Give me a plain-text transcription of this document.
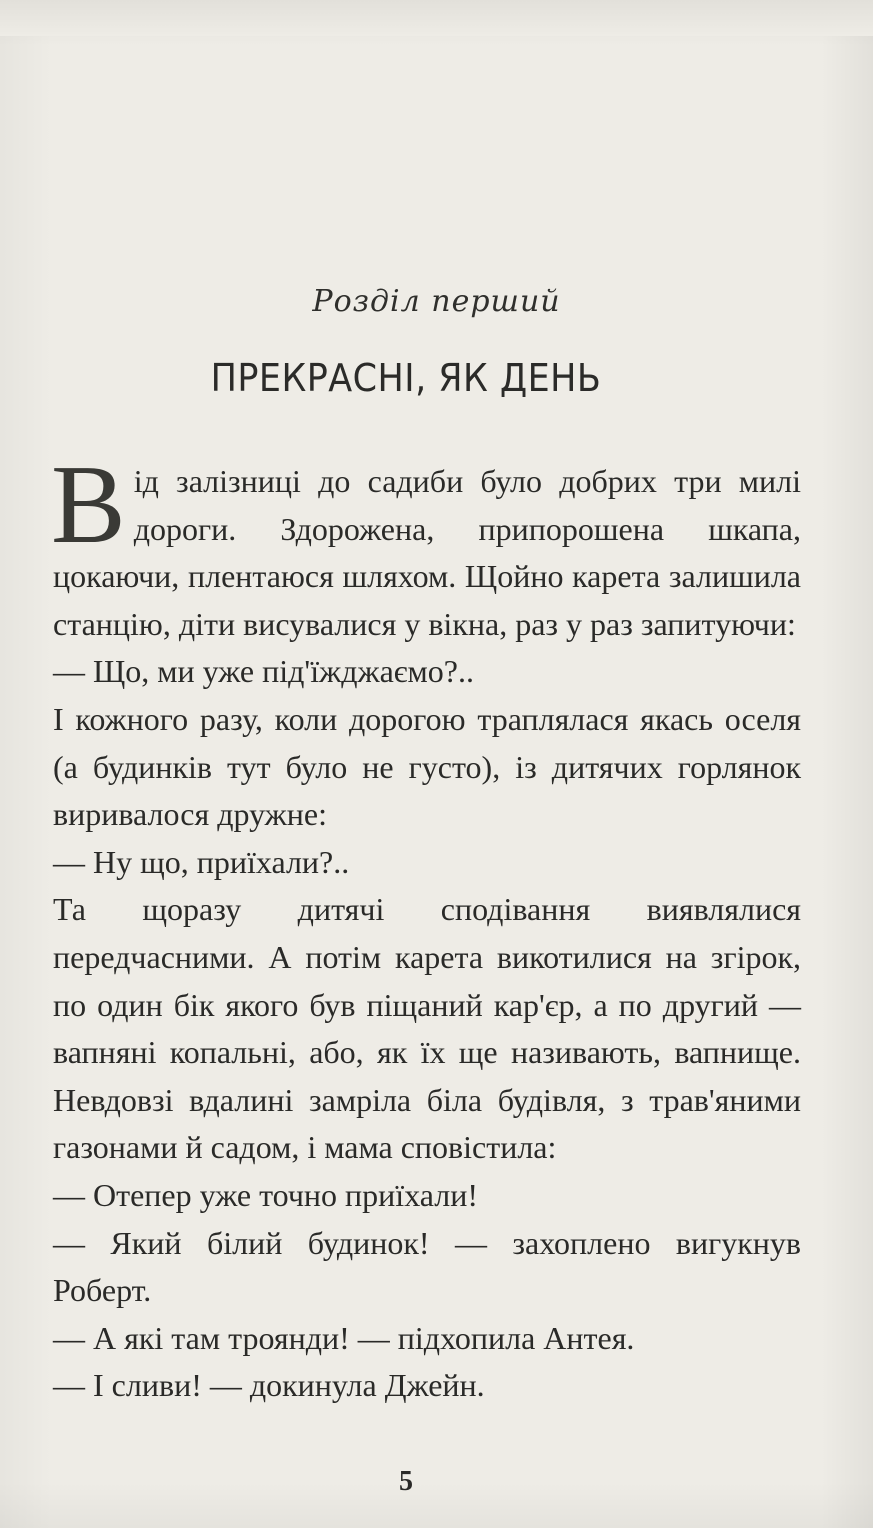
Розділ перший
ПРЕКРАСНІ, ЯК ДЕНЬ

Від залізниці до садиби було добрих три милі дороги. Здорожена, припорошена шкапа, цокаючи, плентаюся шляхом. Щойно карета залишила станцію, діти висувалися у вікна, раз у раз запитуючи:

— Що, ми уже під'їжджаємо?..

І кожного разу, коли дорогою траплялася якась оселя (а будинків тут було не густо), із дитячих горлянок виривалося дружне:

— Ну що, приїхали?..

Та щоразу дитячі сподівання виявлялися передчасними. А потім карета викотилися на згірок, по один бік якого був піщаний кар'єр, а по другий — вапняні копальні, або, як їх ще називають, вапнище. Невдовзі вдалині замріла біла будівля, з трав'яними газонами й садом, і мама сповістила:

— Отепер уже точно приїхали!

— Який білий будинок! — захоплено вигукнув Роберт.

— А які там троянди! — підхопила Антея.

— І сливи! — докинула Джейн.

5
